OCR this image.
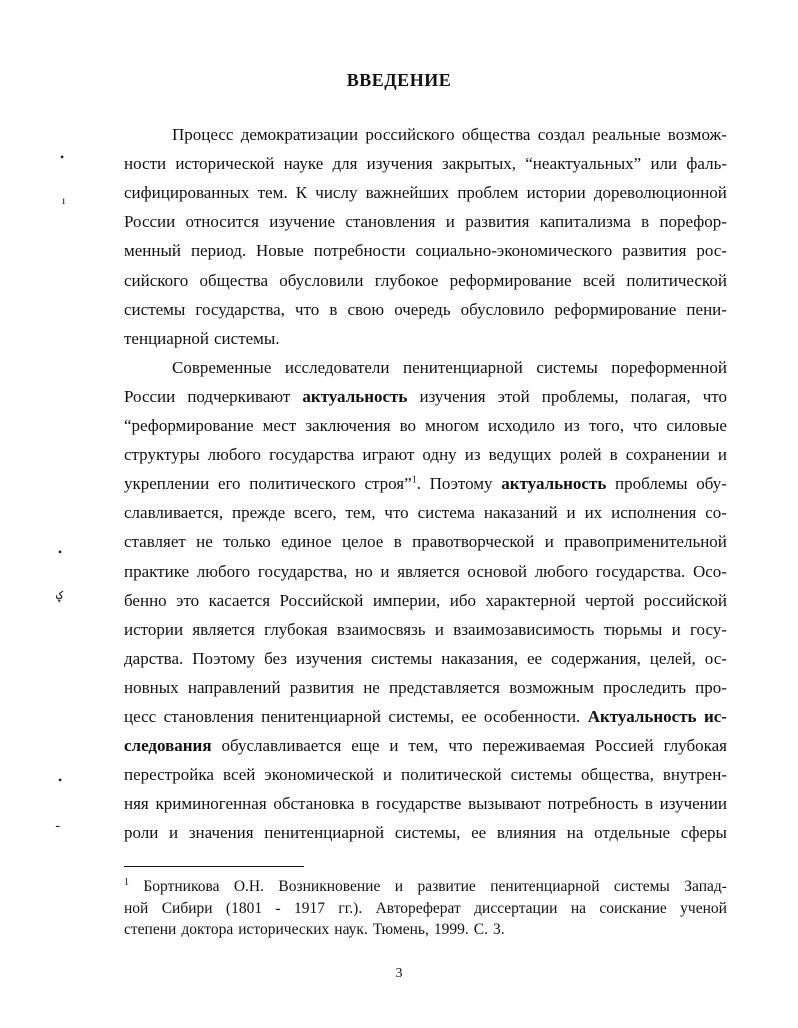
ВВЕДЕНИЕ
Процесс демократизации российского общества создал реальные возмож-
ности исторической науке для изучения закрытых, “неактуальных” или фаль-
сифицированных тем. К числу важнейших проблем истории дореволюционной
России относится изучение становления и развития капитализма в порефор-
менный период. Новые потребности социально-экономического развития рос-
сийского общества обусловили глубокое реформирование всей политической
системы государства, что в свою очередь обусловило реформирование пени-
тенциарной системы.
Современные исследователи пенитенциарной системы пореформенной
России подчеркивают актуальность изучения этой проблемы, полагая, что
“реформирование мест заключения во многом исходило из того, что силовые
структуры любого государства играют одну из ведущих ролей в сохранении и
укреплении его политического строя”$^1$. Поэтому актуальность проблемы обу-
славливается, прежде всего, тем, что система наказаний и их исполнения со-
ставляет не только единое целое в правотворческой и правоприменительной
практике любого государства, но и является основой любого государства. Осо-
бенно это касается Российской империи, ибо характерной чертой российской
истории является глубокая взаимосвязь и взаимозависимость тюрьмы и госу-
дарства. Поэтому без изучения системы наказания, ее содержания, целей, ос-
новных направлений развития не представляется возможным проследить про-
цесс становления пенитенциарной системы, ее особенности. Актуальность ис-
следования обуславливается еще и тем, что переживаемая Россией глубокая
перестройка всей экономической и политической системы общества, внутрен-
няя криминогенная обстановка в государстве вызывают потребность в изучении
роли и значения пенитенциарной системы, ее влияния на отдельные сферы
$^1$ Бортникова О.Н. Возникновение и развитие пенитенциарной системы Запад-
ной Сибири (1801 - 1917 гг.). Автореферат диссертации на соискание ученой
степени доктора исторических наук. Тюмень, 1999. С. 3.
3
•
ı
•
ؼ
•
ـ
